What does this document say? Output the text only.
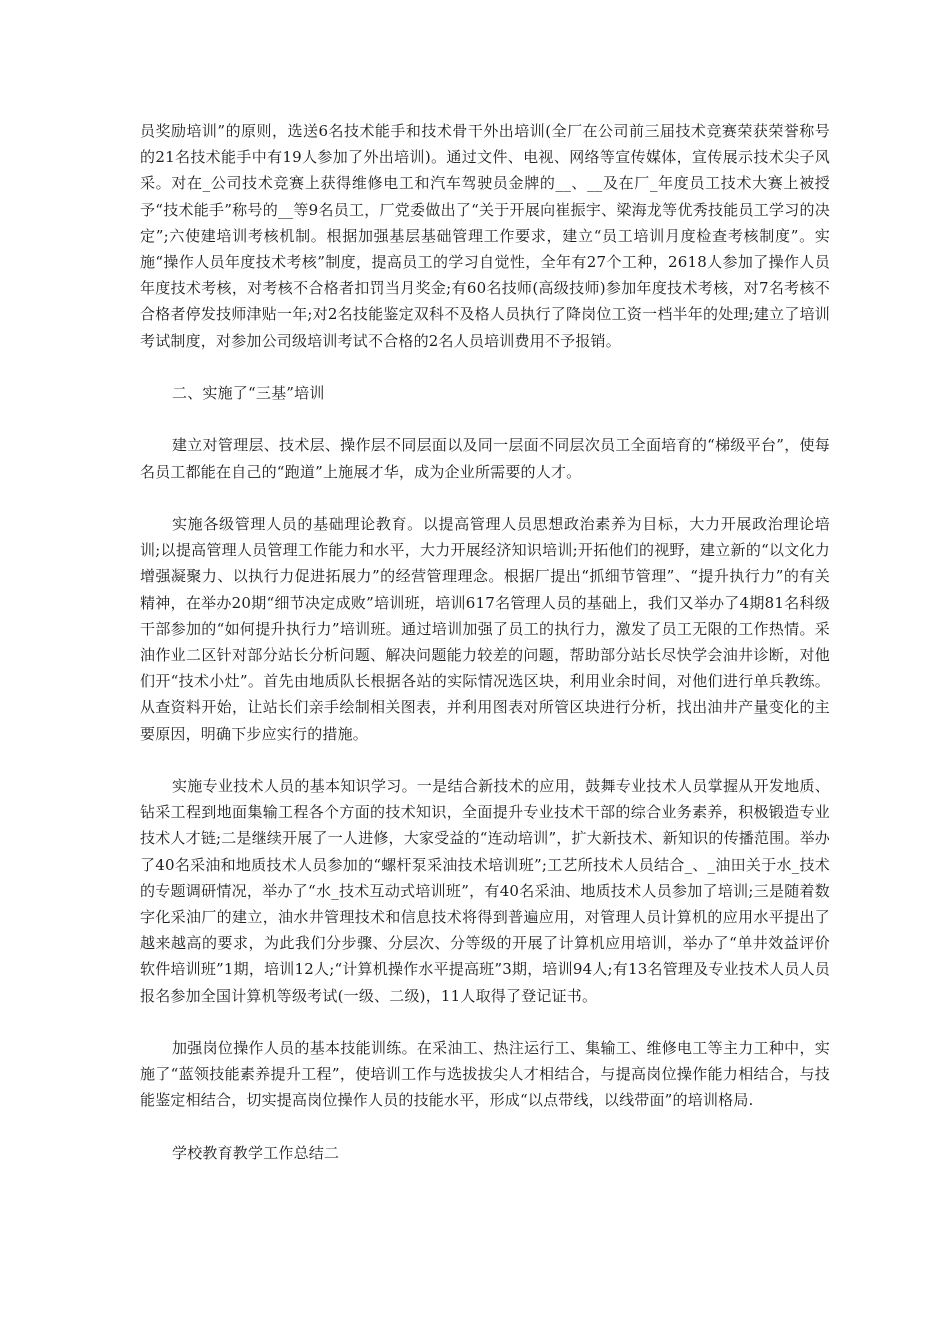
员奖励培训”的原则，选送6名技术能手和技术骨干外出培训(全厂在公司前三届技术竞赛荣获荣誉称号的21名技术能手中有19人参加了外出培训)。通过文件、电视、网络等宣传媒体，宣传展示技术尖子风采。对在_公司技术竞赛上获得维修电工和汽车驾驶员金牌的__、__及在厂_年度员工技术大赛上被授予“技术能手”称号的__等9名员工，厂党委做出了“关于开展向崔振宇、梁海龙等优秀技能员工学习的决定”;六使建培训考核机制。根据加强基层基础管理工作要求，建立“员工培训月度检查考核制度”。实施“操作人员年度技术考核”制度，提高员工的学习自觉性，全年有27个工种，2618人参加了操作人员年度技术考核，对考核不合格者扣罚当月奖金;有60名技师(高级技师)参加年度技术考核，对7名考核不合格者停发技师津贴一年;对2名技能鉴定双科不及格人员执行了降岗位工资一档半年的处理;建立了培训考试制度，对参加公司级培训考试不合格的2名人员培训费用不予报销。

二、实施了“三基”培训

建立对管理层、技术层、操作层不同层面以及同一层面不同层次员工全面培育的“梯级平台”，使每名员工都能在自己的“跑道”上施展才华，成为企业所需要的人才。

实施各级管理人员的基础理论教育。以提高管理人员思想政治素养为目标，大力开展政治理论培训;以提高管理人员管理工作能力和水平，大力开展经济知识培训;开拓他们的视野，建立新的“以文化力增强凝聚力、以执行力促进拓展力”的经营管理理念。根据厂提出“抓细节管理”、“提升执行力”的有关精神，在举办20期“细节决定成败”培训班，培训617名管理人员的基础上，我们又举办了4期81名科级干部参加的“如何提升执行力”培训班。通过培训加强了员工的执行力，激发了员工无限的工作热情。采油作业二区针对部分站长分析问题、解决问题能力较差的问题，帮助部分站长尽快学会油井诊断，对他们开“技术小灶”。首先由地质队长根据各站的实际情况选区块，利用业余时间，对他们进行单兵教练。从查资料开始，让站长们亲手绘制相关图表，并利用图表对所管区块进行分析，找出油井产量变化的主要原因，明确下步应实行的措施。

实施专业技术人员的基本知识学习。一是结合新技术的应用，鼓舞专业技术人员掌握从开发地质、钻采工程到地面集输工程各个方面的技术知识，全面提升专业技术干部的综合业务素养，积极锻造专业技术人才链;二是继续开展了一人进修，大家受益的“连动培训”，扩大新技术、新知识的传播范围。举办了40名采油和地质技术人员参加的“螺杆泵采油技术培训班”;工艺所技术人员结合_、_油田关于水_技术的专题调研情况，举办了“水_技术互动式培训班”，有40名采油、地质技术人员参加了培训;三是随着数字化采油厂的建立，油水井管理技术和信息技术将得到普遍应用，对管理人员计算机的应用水平提出了越来越高的要求，为此我们分步骤、分层次、分等级的开展了计算机应用培训，举办了“单井效益评价软件培训班”1期，培训12人;“计算机操作水平提高班”3期，培训94人;有13名管理及专业技术人员人员报名参加全国计算机等级考试(一级、二级)，11人取得了登记证书。

加强岗位操作人员的基本技能训练。在采油工、热注运行工、集输工、维修电工等主力工种中，实施了“蓝领技能素养提升工程”，使培训工作与选拔拔尖人才相结合，与提高岗位操作能力相结合，与技能鉴定相结合，切实提高岗位操作人员的技能水平，形成“以点带线，以线带面”的培训格局.

学校教育教学工作总结二
